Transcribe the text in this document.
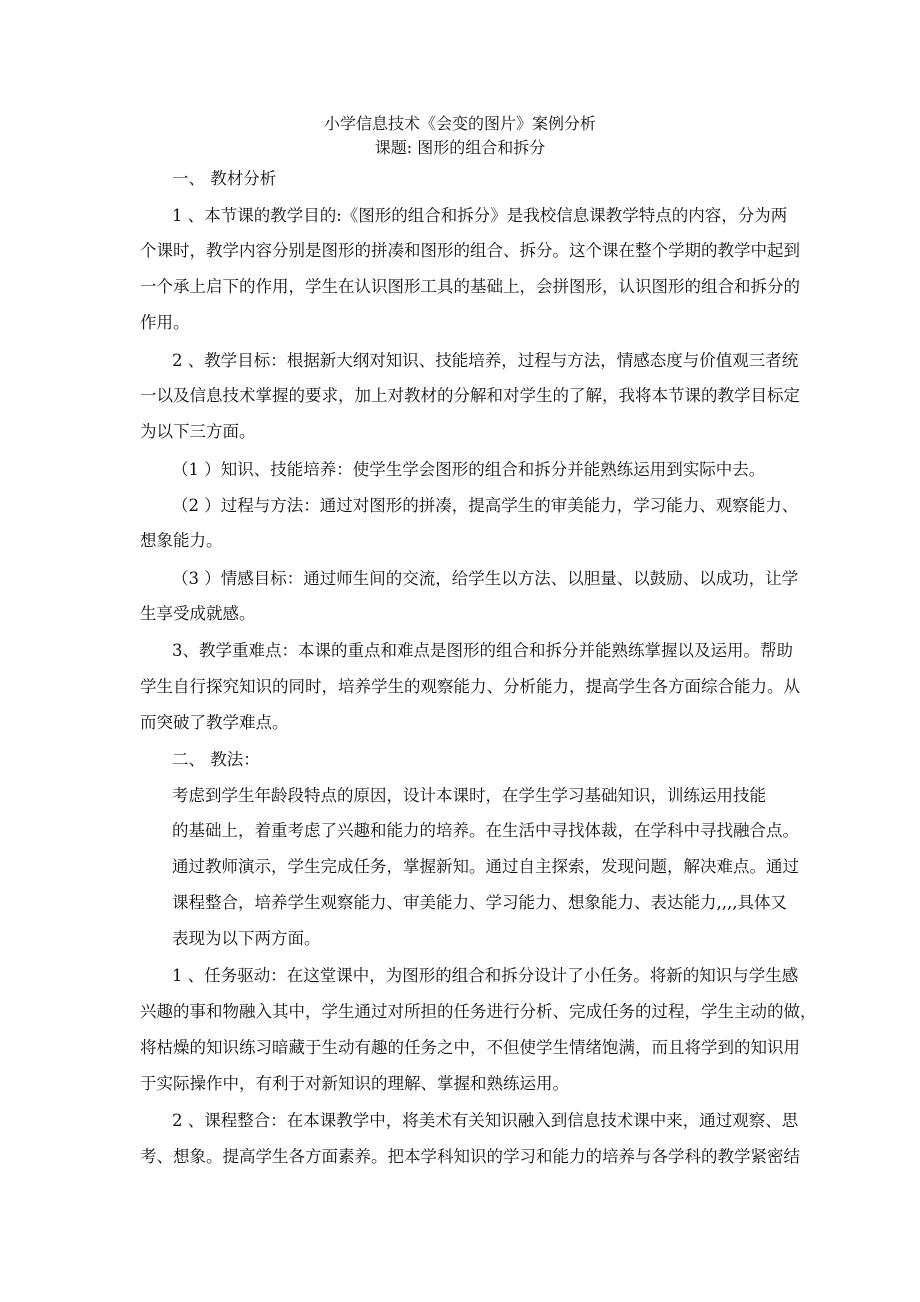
小学信息技术《会变的图片》案例分析
课题: 图形的组合和拆分
一、 教材分析
1 、本节课的教学目的:《图形的组合和拆分》是我校信息课教学特点的内容，分为两
个课时，教学内容分别是图形的拼凑和图形的组合、拆分。这个课在整个学期的教学中起到
一个承上启下的作用，学生在认识图形工具的基础上，会拼图形，认识图形的组合和拆分的
作用。
2 、教学目标：根据新大纲对知识、技能培养，过程与方法，情感态度与价值观三者统
一以及信息技术掌握的要求，加上对教材的分解和对学生的了解，我将本节课的教学目标定
为以下三方面。
（1 ）知识、技能培养：使学生学会图形的组合和拆分并能熟练运用到实际中去。
（2 ）过程与方法：通过对图形的拼凑，提高学生的审美能力，学习能力、观察能力、
想象能力。
（3 ）情感目标：通过师生间的交流，给学生以方法、以胆量、以鼓励、以成功，让学
生享受成就感。
3、教学重难点：本课的重点和难点是图形的组合和拆分并能熟练掌握以及运用。帮助
学生自行探究知识的同时，培养学生的观察能力、分析能力，提高学生各方面综合能力。从
而突破了教学难点。
二、 教法：
考虑到学生年龄段特点的原因，设计本课时，在学生学习基础知识，训练运用技能
的基础上，着重考虑了兴趣和能力的培养。在生活中寻找体裁，在学科中寻找融合点。
通过教师演示，学生完成任务，掌握新知。通过自主探索，发现问题，解决难点。通过
课程整合，培养学生观察能力、审美能力、学习能力、想象能力、表达能力,,,,具体又
表现为以下两方面。
1 、任务驱动：在这堂课中，为图形的组合和拆分设计了小任务。将新的知识与学生感
兴趣的事和物融入其中，学生通过对所担的任务进行分析、完成任务的过程，学生主动的做，
将枯燥的知识练习暗藏于生动有趣的任务之中，不但使学生情绪饱满，而且将学到的知识用
于实际操作中，有利于对新知识的理解、掌握和熟练运用。
2 、课程整合：在本课教学中，将美术有关知识融入到信息技术课中来，通过观察、思
考、想象。提高学生各方面素养。把本学科知识的学习和能力的培养与各学科的教学紧密结
